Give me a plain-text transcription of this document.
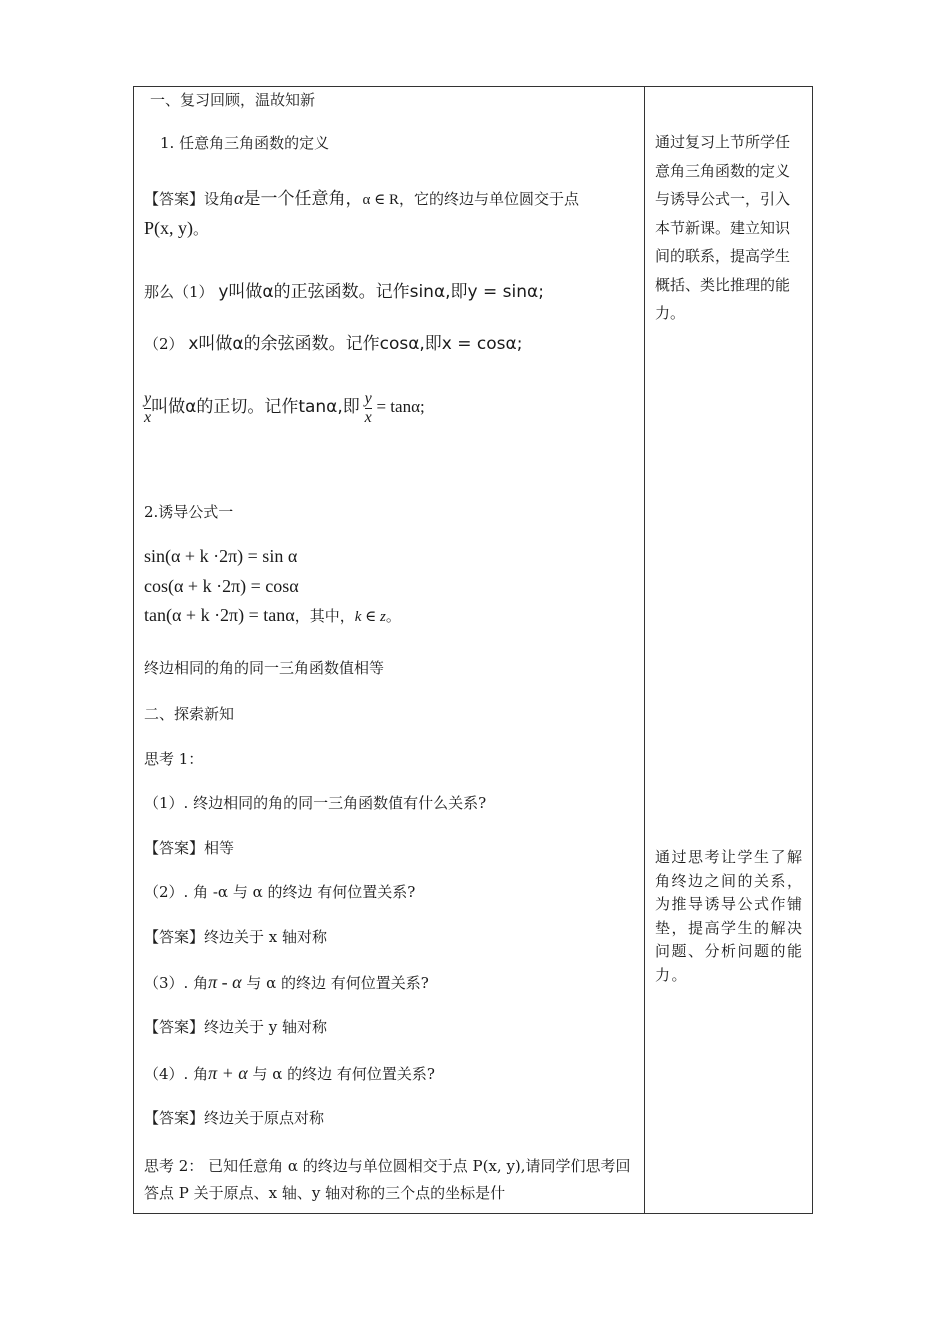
一、复习回顾，温故知新
1. 任意角三角函数的定义
【答案】设角α是一个任意角，α ∈ R，它的终边与单位圆交于点
P(x, y)。
那么（1） y叫做α的正弦函数。记作sinα,即y = sinα;
（2） x叫做α的余弦函数。记作cosα,即x = cosα;
$\frac{y}{x}$ 叫做α的正切。记作tanα,即 $\frac{y}{x} = \tan\alpha$;
2.诱导公式一
sin(α + k ·2π) = sin α
cos(α + k ·2π) = cosα
tan(α + k ·2π) = tanα，其中，k ∈ z。
终边相同的角的同一三角函数值相等
二、探索新知
思考 1：
（1）. 终边相同的角的同一三角函数值有什么关系?
【答案】相等
（2）. 角 -α 与 α 的终边 有何位置关系?
【答案】终边关于 x 轴对称
（3）. 角π - α 与 α 的终边 有何位置关系?
【答案】终边关于 y 轴对称
（4）. 角π + α 与 α 的终边 有何位置关系?
【答案】终边关于原点对称
思考 2： 已知任意角 α 的终边与单位圆相交于点 P(x, y),请同学们思考回答点 P 关于原点、x 轴、y 轴对称的三个点的坐标是什
通过复习上节所学任意角三角函数的定义与诱导公式一，引入本节新课。建立知识间的联系，提高学生概括、类比推理的能力。
通过思考让学生了解角终边之间的关系，为推导诱导公式作铺垫，提高学生的解决问题、分析问题的能力。
